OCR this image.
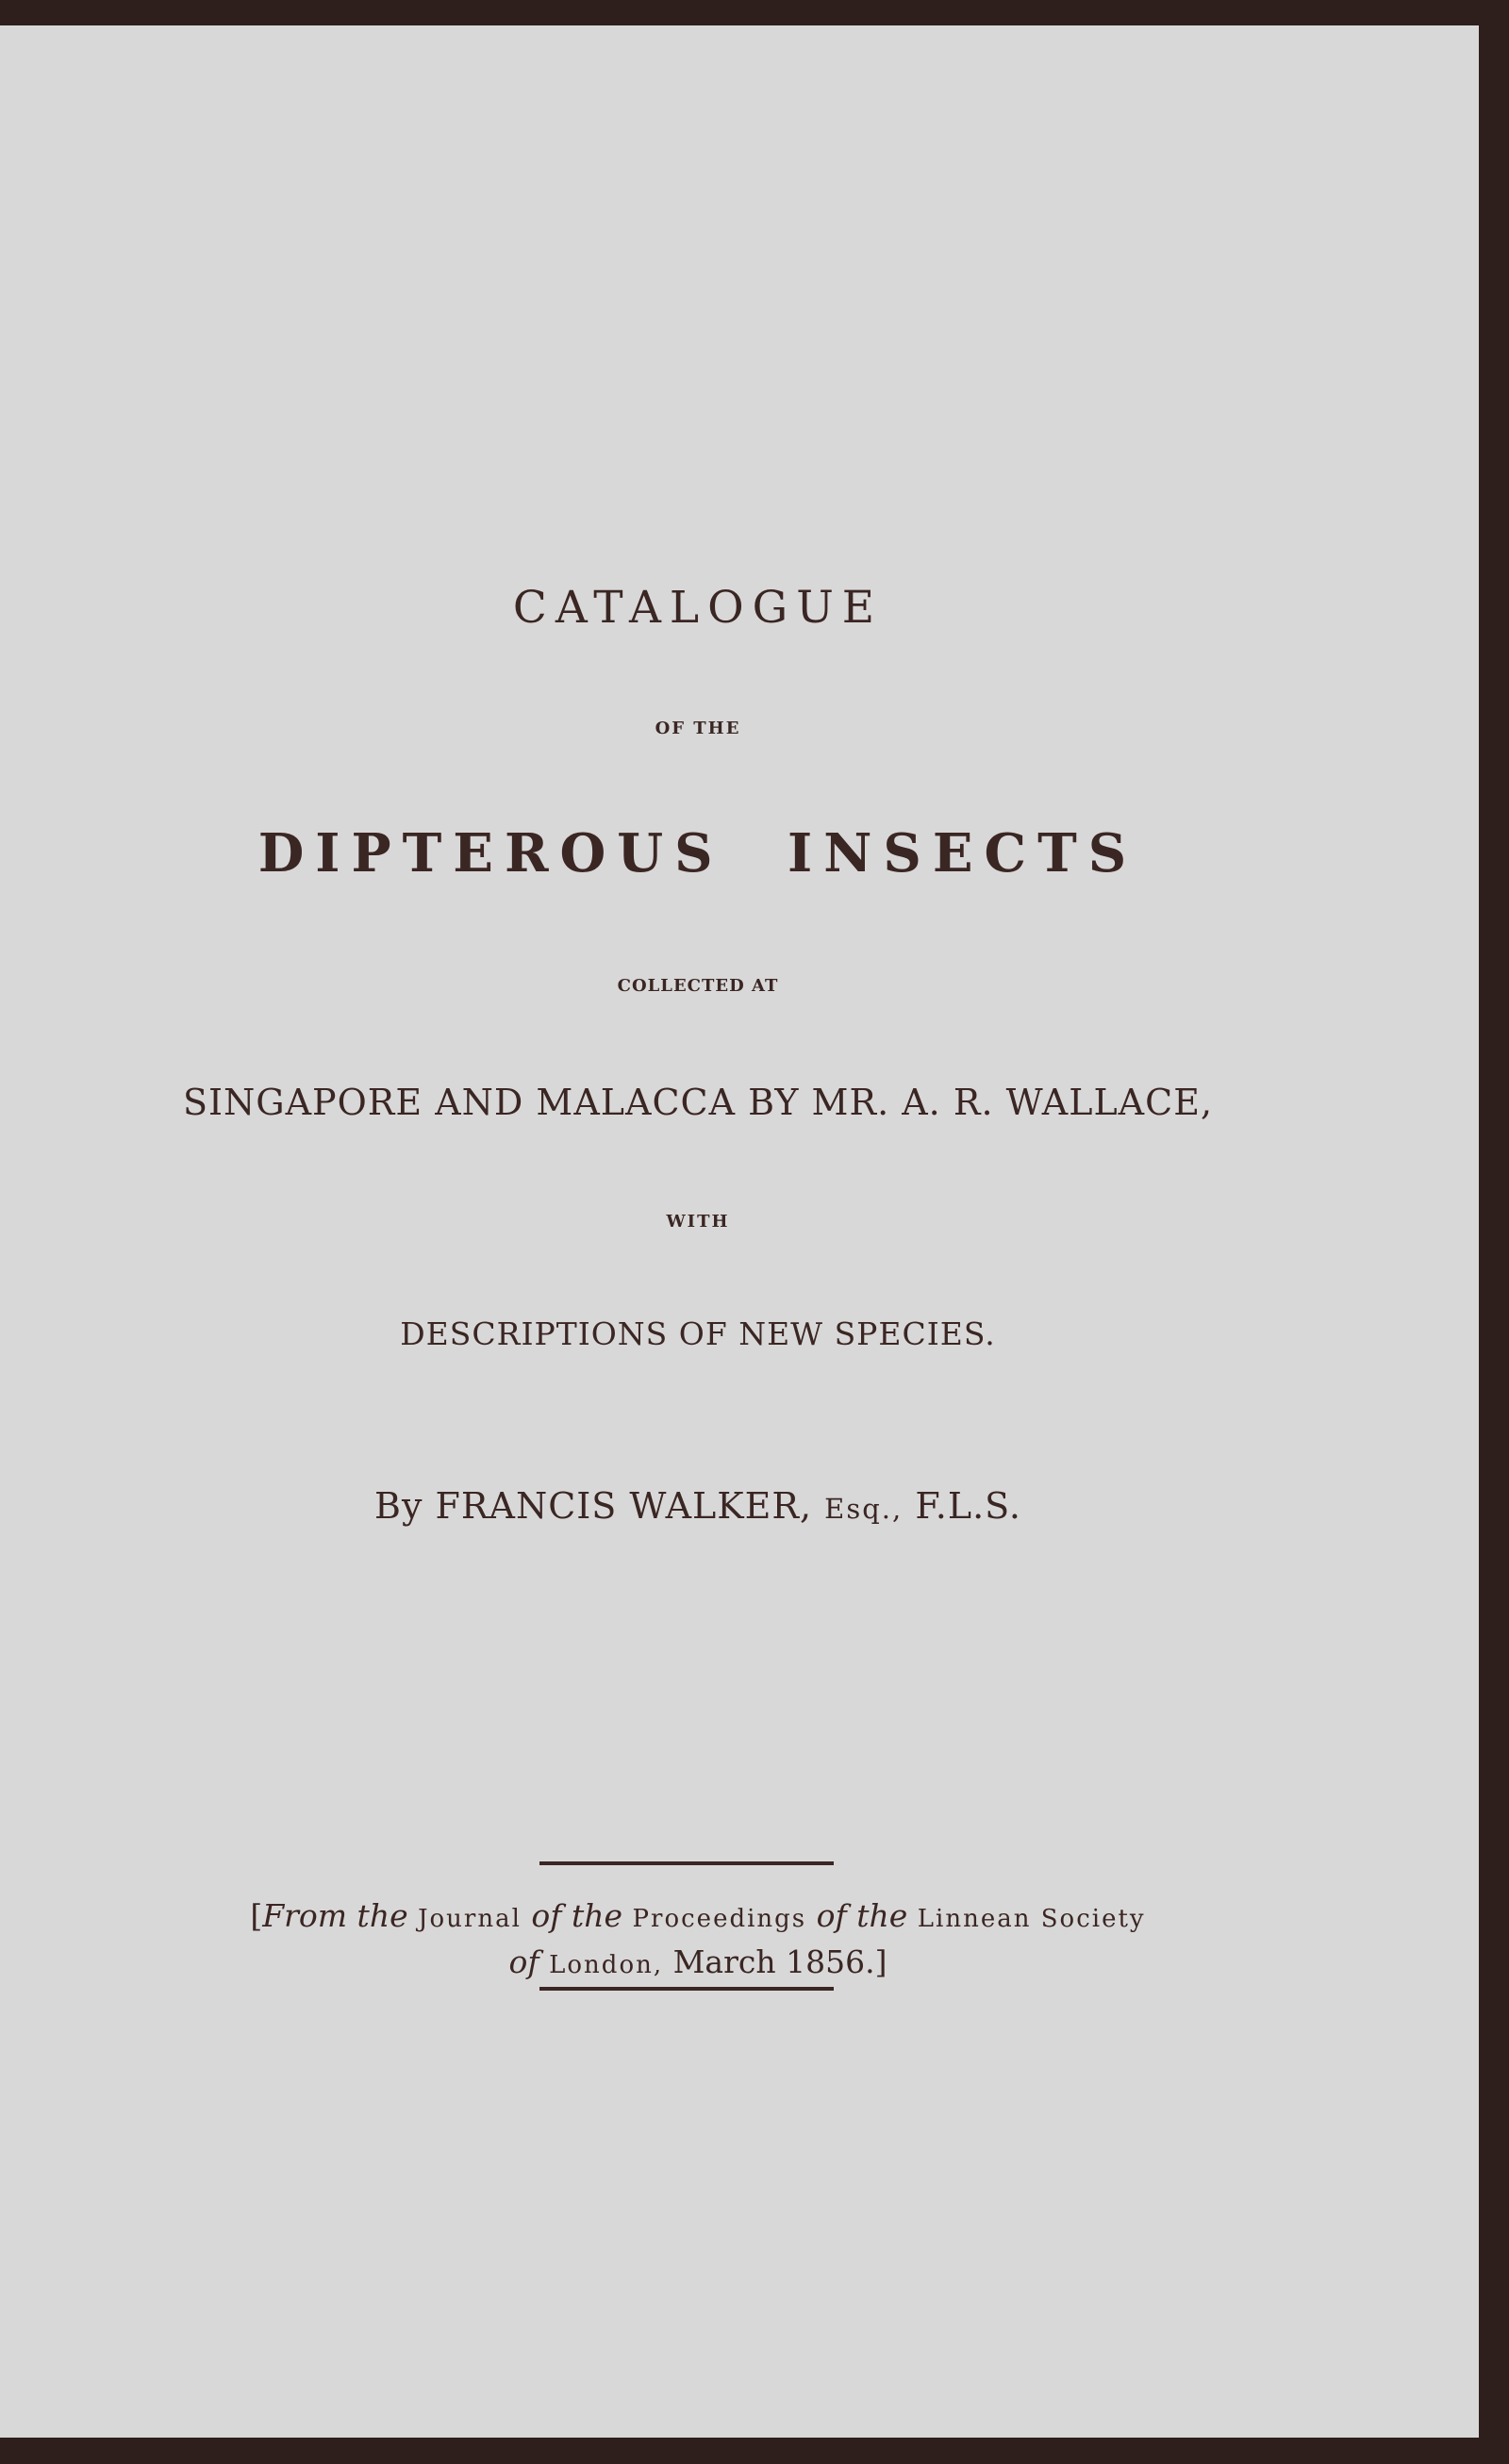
CATALOGUE
OF THE
DIPTEROUS INSECTS
COLLECTED AT
SINGAPORE AND MALACCA BY MR. A. R. WALLACE,
WITH
DESCRIPTIONS OF NEW SPECIES.
By FRANCIS WALKER, Esq., F.L.S.
[From the Journal of the Proceedings of the Linnean Society
of London, March 1856.]
